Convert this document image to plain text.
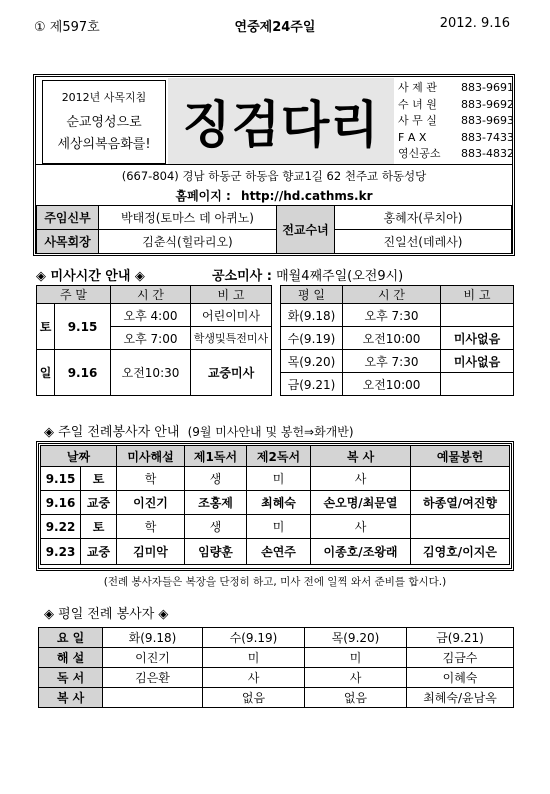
① 제597호	연중제24주일	2012. 9.16
2012년 사목지침
순교영성으로
세상의복음화를! 징검다리
사 제 관 883-9691
수 녀 원 883-9692
사 무 실 883-9693
F A X	883-7433
영신공소 883-4832
(667-804) 경남 하동군 하동읍 향교1길 62 천주교 하동성당
홈페이지 : http://hd.cathms.kr
주임신부	박태정(토마스 데 아퀴노)	전교수녀	홍혜자(루치아)
사목회장	김춘식(힐라리오)		진일선(데레사)
◈ 미사시간 안내 ◈	공소미사 : 매월4째주일(오전9시)
주 말		시 간	비 고
토	9.15	오후 4:00	어린이미사
		오후 7:00	학생및특전미사
일	9.16	오전10:30	교중미사
평 일	시 간	비 고
화(9.18)	오후 7:30	
수(9.19)	오전10:00	미사없음
목(9.20)	오후 7:30	미사없음
금(9.21)	오전10:00	
◈ 주일 전례봉사자 안내 (9월 미사안내 및 봉헌⇒화개반)
날짜		미사해설	제1독서	제2독서	복 사	예물봉헌
9.15	토	학	생	미	사	
9.16	교중	이진기	조홍제	최혜숙	손오명/최문열	하종열/여진향
9.22	토	학	생	미	사	
9.23	교중	김미악	임량훈	손연주	이종호/조왕래	김영호/이지은
(전례 봉사자들은 복장을 단정히 하고, 미사 전에 일찍 와서 준비를 합시다.)
◈ 평일 전례 봉사자 ◈
요 일	화(9.18)	수(9.19)	목(9.20)	금(9.21)
해 설	이진기	미	미	김금수
독 서	김은환	사	사	이혜숙
복 사		없음	없음	최혜숙/윤남옥
